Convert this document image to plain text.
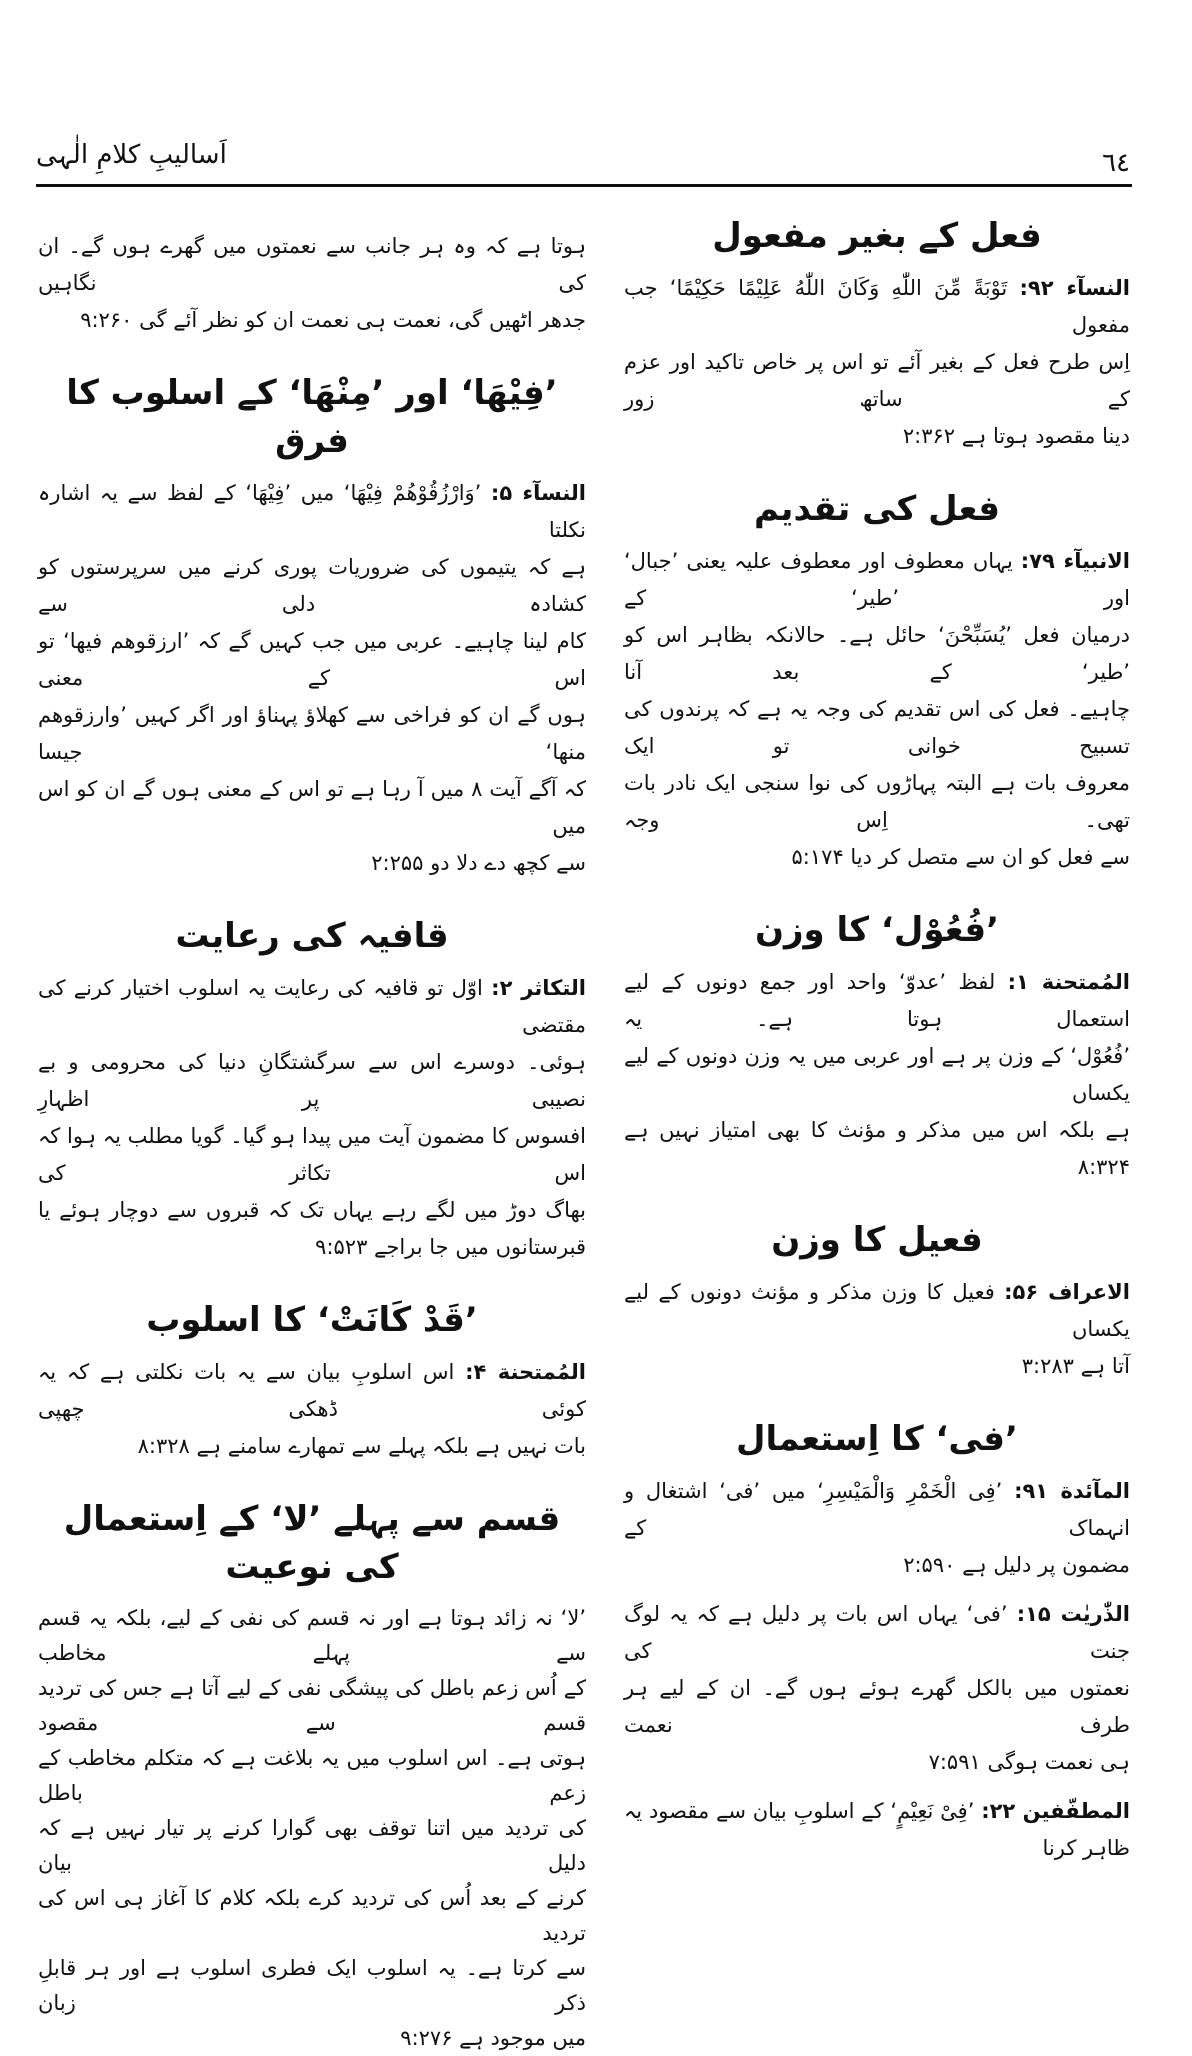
اَسالیبِ کلامِ الٰہی	٦٤
فعل کے بغیر مفعول
النسآء ۹۲: تَوْبَةً مِّنَ اللّٰهِ وَكَانَ اللّٰهُ عَلِيْمًا حَكِيْمًا‘ جب مفعول
اِس طرح فعل کے بغیر آئے تو اس پر خاص تاکید اور عزم کے ساتھ زور
دینا مقصود ہوتا ہے ۲:۳۶۲
فعل کی تقدیم
الانبیآء ۷۹: یہاں معطوف اور معطوف علیہ یعنی ’جبال‘ اور ’طیر‘ کے
درمیان فعل ’یُسَبِّحْنَ‘ حائل ہے۔ حالانکہ بظاہر اس کو ’طیر‘ کے بعد آنا
چاہیے۔ فعل کی اس تقدیم کی وجہ یہ ہے کہ پرندوں کی تسبیح خوانی تو ایک
معروف بات ہے البتہ پہاڑوں کی نوا سنجی ایک نادر بات تھی۔ اِس وجہ
سے فعل کو ان سے متصل کر دیا ۵:۱۷۴
’فُعُوْل‘ کا وزن
المُمتحنة ۱: لفظ ’عدوّ‘ واحد اور جمع دونوں کے لیے استعمال ہوتا ہے۔ یہ
’فُعُوْل‘ کے وزن پر ہے اور عربی میں یہ وزن دونوں کے لیے یکساں
ہے بلکہ اس میں مذکر و مؤنث کا بھی امتیاز نہیں ہے ۸:۳۲۴
فعیل کا وزن
الاعراف ۵۶: فعیل کا وزن مذکر و مؤنث دونوں کے لیے یکساں
آتا ہے ۳:۲۸۳
’فی‘ کا اِستعمال
المآئدة ۹۱: ’فِی الْخَمْرِ وَالْمَيْسِرِ‘ میں ’فی‘ اشتغال و انہماک کے
مضمون پر دلیل ہے ۲:۵۹۰
الذّٰریٰت ۱۵: ’فی‘ یہاں اس بات پر دلیل ہے کہ یہ لوگ جنت کی
نعمتوں میں بالکل گھرے ہوئے ہوں گے۔ ان کے لیے ہر طرف نعمت
ہی نعمت ہوگی ۷:۵۹۱
المطفّفین ۲۲: ’فِیْ نَعِيْمٍ‘ کے اسلوبِ بیان سے مقصود یہ ظاہر کرنا
ہوتا ہے کہ وہ ہر جانب سے نعمتوں میں گھرے ہوں گے۔ ان کی نگاہیں
جدھر اٹھیں گی، نعمت ہی نعمت ان کو نظر آئے گی ۹:۲۶۰
’فِيْهَا‘ اور ’مِنْهَا‘ کے اسلوب کا فرق
النسآء ۵: ’وَارْزُقُوْهُمْ فِيْهَا‘ میں ’فِيْهَا‘ کے لفظ سے یہ اشارہ نکلتا
ہے کہ یتیموں کی ضروریات پوری کرنے میں سرپرستوں کو کشادہ دلی سے
کام لینا چاہیے۔ عربی میں جب کہیں گے کہ ’ارزقوھم فیھا‘ تو اس کے معنی
ہوں گے ان کو فراخی سے کھلاؤ پہناؤ اور اگر کہیں ’وارزقوھم منھا‘ جیسا
کہ آگے آیت ۸ میں آ رہا ہے تو اس کے معنی ہوں گے ان کو اس میں
سے کچھ دے دلا دو ۲:۲۵۵
قافیہ کی رعایت
التکاثر ۲: اوّل تو قافیہ کی رعایت یہ اسلوب اختیار کرنے کی مقتضی
ہوئی۔ دوسرے اس سے سرگشتگانِ دنیا کی محرومی و بے نصیبی پر اظہارِ
افسوس کا مضمون آیت میں پیدا ہو گیا۔ گویا مطلب یہ ہوا کہ اس تکاثر کی
بھاگ دوڑ میں لگے رہے یہاں تک کہ قبروں سے دوچار ہوئے یا
قبرستانوں میں جا براجے ۹:۵۲۳
’قَدْ كَانَتْ‘ کا اسلوب
المُمتحنة ۴: اس اسلوبِ بیان سے یہ بات نکلتی ہے کہ یہ کوئی ڈھکی چھپی
بات نہیں ہے بلکہ پہلے سے تمھارے سامنے ہے ۸:۳۲۸
قسم سے پہلے ’لا‘ کے اِستعمال کی نوعیت
’لا‘ نہ زائد ہوتا ہے اور نہ قسم کی نفی کے لیے، بلکہ یہ قسم سے پہلے مخاطب
کے اُس زعم باطل کی پیشگی نفی کے لیے آتا ہے جس کی تردید قسم سے مقصود
ہوتی ہے۔ اس اسلوب میں یہ بلاغت ہے کہ متکلم مخاطب کے زعم باطل
کی تردید میں اتنا توقف بھی گوارا کرنے پر تیار نہیں ہے کہ دلیل بیان
کرنے کے بعد اُس کی تردید کرے بلکہ کلام کا آغاز ہی اس کی تردید
سے کرتا ہے۔ یہ اسلوب ایک فطری اسلوب ہے اور ہر قابلِ ذکر زبان
میں موجود ہے ۹:۲۷۶
